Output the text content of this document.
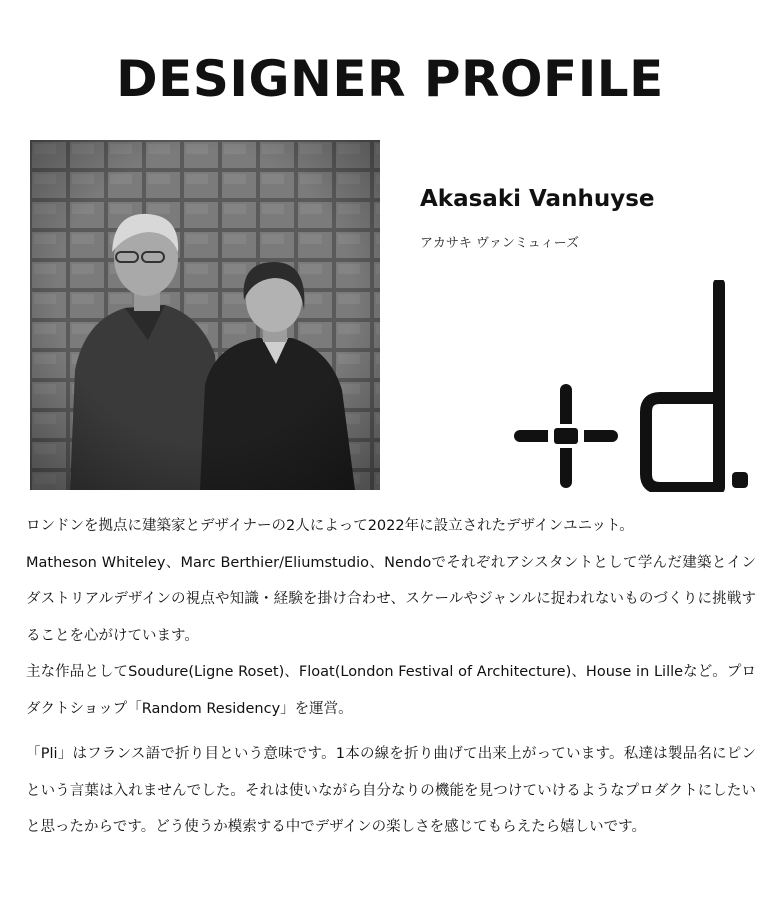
DESIGNER PROFILE
Akasaki Vanhuyse
アカサキ ヴァンミュィーズ

ロンドンを拠点に建築家とデザイナーの2人によって2022年に設立されたデザインユニット。

Matheson Whiteley、Marc Berthier/Eliumstudio、Nendoでそれぞれアシスタントとして学んだ建築とインダストリアルデザインの視点や知識・経験を掛け合わせ、スケールやジャンルに捉われないものづくりに挑戦することを心がけています。

主な作品としてSoudure(Ligne Roset)、Float(London Festival of Architecture)、House in Lilleなど。プロダクトショップ「Random Residency」を運営。

「Pli」はフランス語で折り目という意味です。1本の線を折り曲げて出来上がっています。私達は製品名にピンという言葉は入れませんでした。それは使いながら自分なりの機能を見つけていけるようなプロダクトにしたいと思ったからです。どう使うか模索する中でデザインの楽しさを感じてもらえたら嬉しいです。
